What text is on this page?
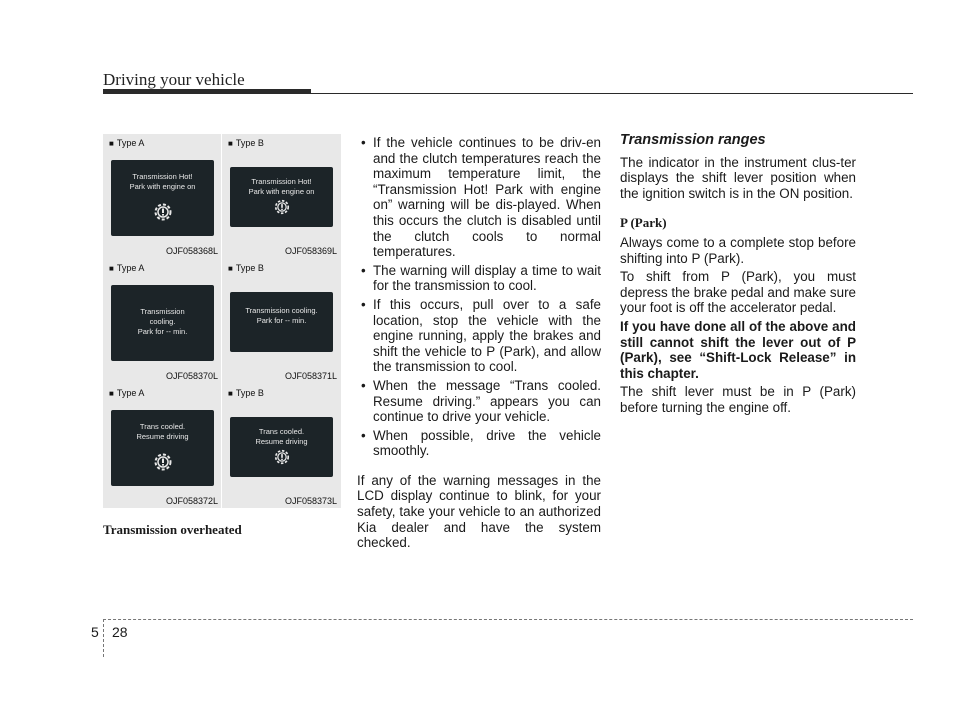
Driving your vehicle
■ Type A
Transmission Hot!
Park with engine on
OJF058368L
■ Type B
Transmission Hot!
Park with engine on
OJF058369L
■ Type A
Transmission
cooling.
Park for -- min.
OJF058370L
■ Type B
Transmission cooling.
Park for -- min.
OJF058371L
■ Type A
Trans cooled.
Resume driving
OJF058372L
■ Type B
Trans cooled.
Resume driving
OJF058373L
Transmission overheated
• If the vehicle continues to be driv-en and the clutch temperatures reach the maximum temperature limit, the “Transmission Hot! Park with engine on” warning will be dis-played. When this occurs the clutch is disabled until the clutch cools to normal temperatures.
• The warning will display a time to wait for the transmission to cool.
• If this occurs, pull over to a safe location, stop the vehicle with the engine running, apply the brakes and shift the vehicle to P (Park), and allow the transmission to cool.
• When the message “Trans cooled. Resume driving.” appears you can continue to drive your vehicle.
• When possible, drive the vehicle smoothly.

If any of the warning messages in the LCD display continue to blink, for your safety, take your vehicle to an authorized Kia dealer and have the system checked.

Transmission ranges

The indicator in the instrument clus-ter displays the shift lever position when the ignition switch is in the ON position.

P (Park)

Always come to a complete stop before shifting into P (Park).

To shift from P (Park), you must depress the brake pedal and make sure your foot is off the accelerator pedal.

If you have done all of the above and still cannot shift the lever out of P (Park), see “Shift-Lock Release” in this chapter.

The shift lever must be in P (Park) before turning the engine off.

5 28
